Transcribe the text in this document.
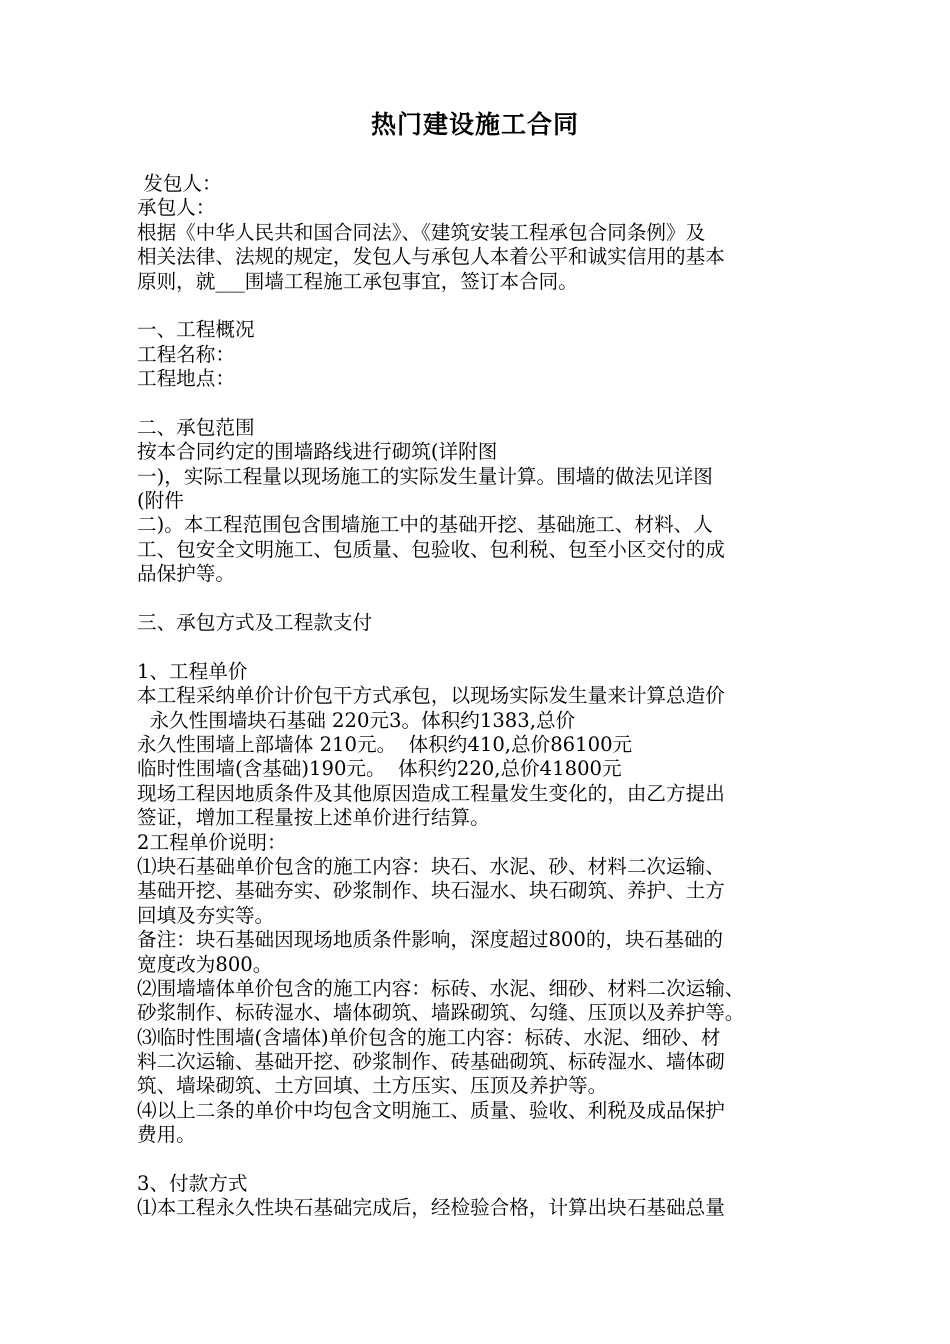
热门建设施工合同
发包人：
承包人：
根据《中华人民共和国合同法》、《建筑安装工程承包合同条例》及
相关法律、法规的规定，发包人与承包人本着公平和诚实信用的基本
原则，就___围墙工程施工承包事宜，签订本合同。
一、工程概况
工程名称：
工程地点：
二、承包范围
按本合同约定的围墙路线进行砌筑(详附图
一)，实际工程量以现场施工的实际发生量计算。围墙的做法见详图
(附件
二)。本工程范围包含围墙施工中的基础开挖、基础施工、材料、人
工、包安全文明施工、包质量、包验收、包利税、包至小区交付的成
品保护等。
三、承包方式及工程款支付
1、工程单价
本工程采纳单价计价包干方式承包，以现场实际发生量来计算总造价
永久性围墙块石基础 220元3。体积约1383,总价
永久性围墙上部墙体 210元。  体积约410,总价86100元
临时性围墙(含基础)190元。  体积约220,总价41800元
现场工程因地质条件及其他原因造成工程量发生变化的，由乙方提出
签证，增加工程量按上述单价进行结算。
2工程单价说明：
⑴块石基础单价包含的施工内容：块石、水泥、砂、材料二次运输、
基础开挖、基础夯实、砂浆制作、块石湿水、块石砌筑、养护、土方
回填及夯实等。
备注：块石基础因现场地质条件影响，深度超过800的，块石基础的
宽度改为800。
⑵围墙墙体单价包含的施工内容：标砖、水泥、细砂、材料二次运输、
砂浆制作、标砖湿水、墙体砌筑、墙跺砌筑、勾缝、压顶以及养护等。
⑶临时性围墙(含墙体)单价包含的施工内容：标砖、水泥、细砂、材
料二次运输、基础开挖、砂浆制作、砖基础砌筑、标砖湿水、墙体砌
筑、墙垛砌筑、土方回填、土方压实、压顶及养护等。
⑷以上二条的单价中均包含文明施工、质量、验收、利税及成品保护
费用。
3、付款方式
⑴本工程永久性块石基础完成后，经检验合格，计算出块石基础总量
